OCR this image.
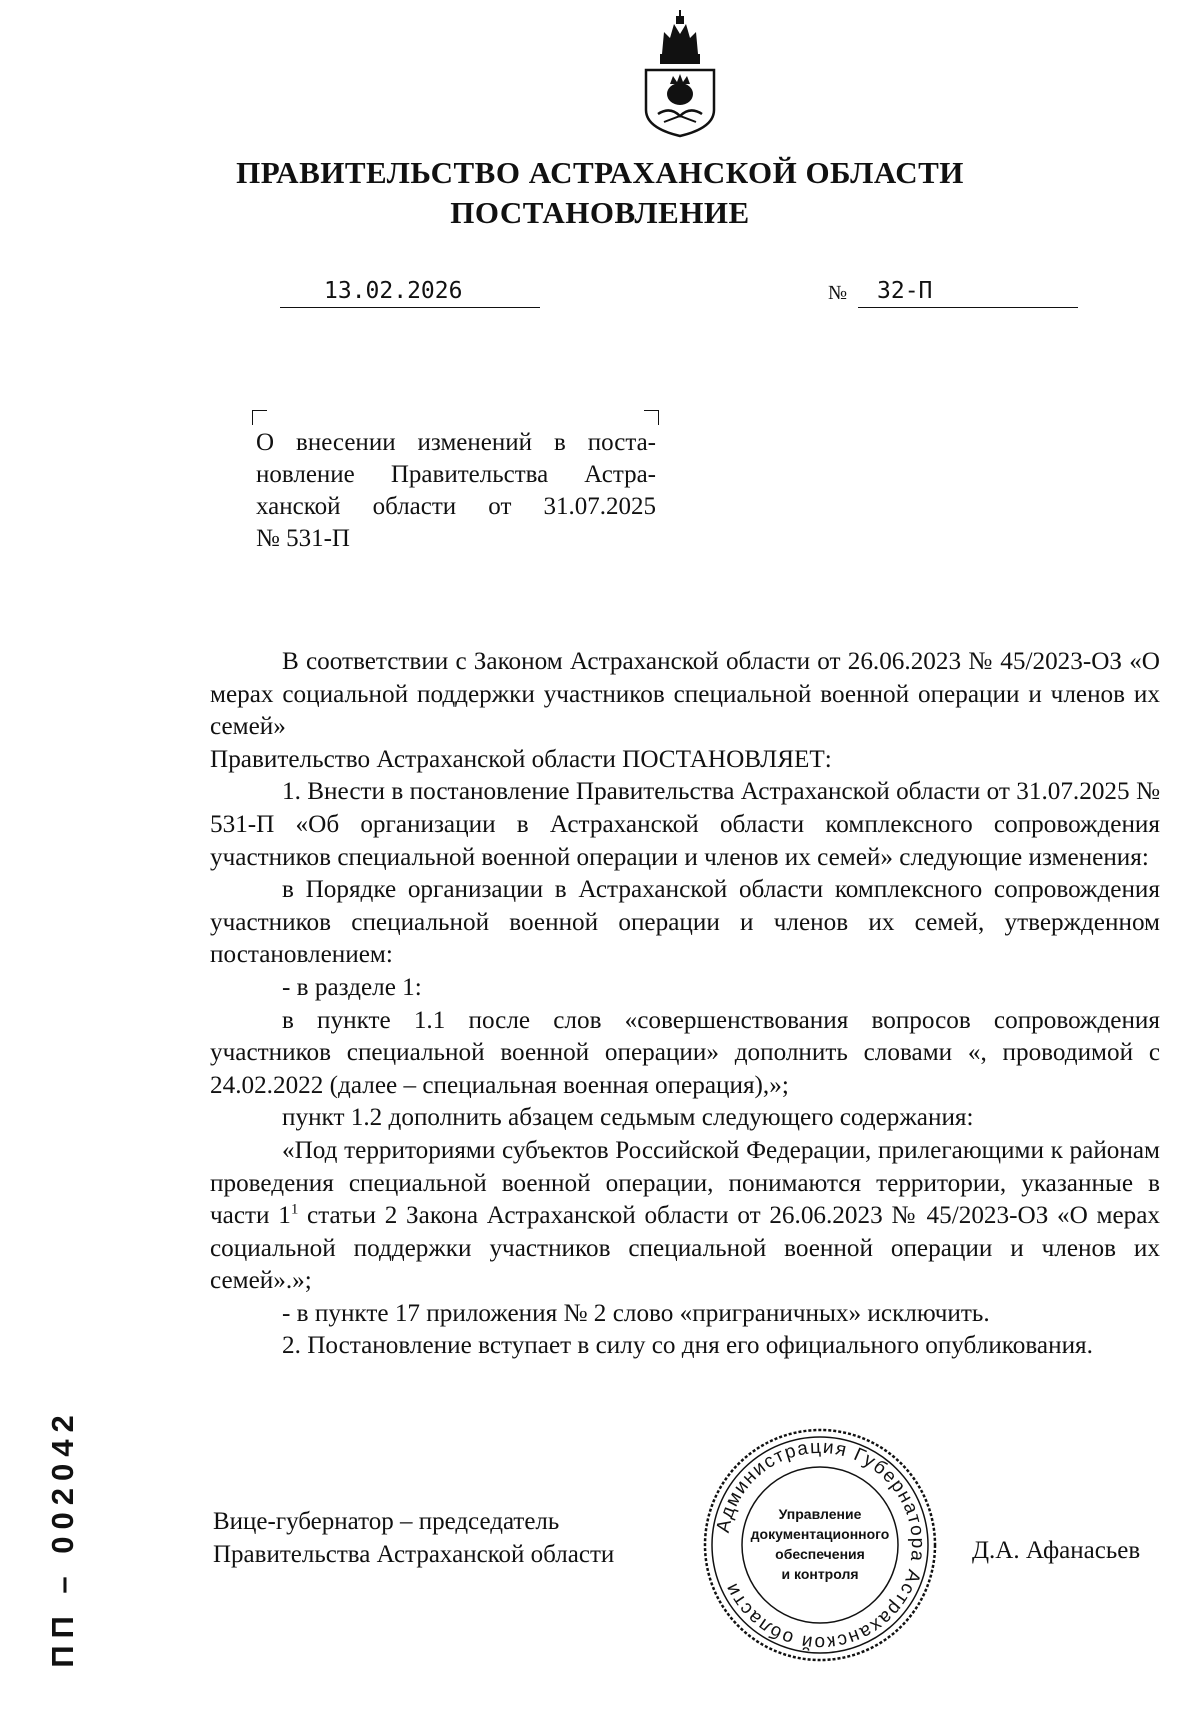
ПРАВИТЕЛЬСТВО АСТРАХАНСКОЙ ОБЛАСТИ
ПОСТАНОВЛЕНИЕ
13.02.2026	№ 32-П

О внесении изменений в поста-
новление Правительства Астра-
ханской области от 31.07.2025
№ 531-П

В соответствии с Законом Астраханской области от 26.06.2023 № 45/2023-ОЗ «О мерах социальной поддержки участников специальной военной операции и членов их семей»
Правительство Астраханской области ПОСТАНОВЛЯЕТ:
1. Внести в постановление Правительства Астраханской области от 31.07.2025 № 531-П «Об организации в Астраханской области комплексного сопровождения участников специальной военной операции и членов их семей» следующие изменения:
в Порядке организации в Астраханской области комплексного сопровождения участников специальной военной операции и членов их семей, утвержденном постановлением:
- в разделе 1:
в пункте 1.1 после слов «совершенствования вопросов сопровождения участников специальной военной операции» дополнить словами «, проводимой с 24.02.2022 (далее – специальная военная операция),»;
пункт 1.2 дополнить абзацем седьмым следующего содержания:
«Под территориями субъектов Российской Федерации, прилегающими к районам проведения специальной военной операции, понимаются территории, указанные в части $1^1$ статьи 2 Закона Астраханской области от 26.06.2023 № 45/2023-ОЗ «О мерах социальной поддержки участников специальной военной операции и членов их семей».»;
- в пункте 17 приложения № 2 слово «приграничных» исключить.
2. Постановление вступает в силу со дня его официального опубликования.
Вице-губернатор – председатель
Правительства Астраханской области	Д.А. Афанасьев
Администрация Губернатора Астраханской области
Управление
документационного
обеспечения
и контроля
ПП – 002042
